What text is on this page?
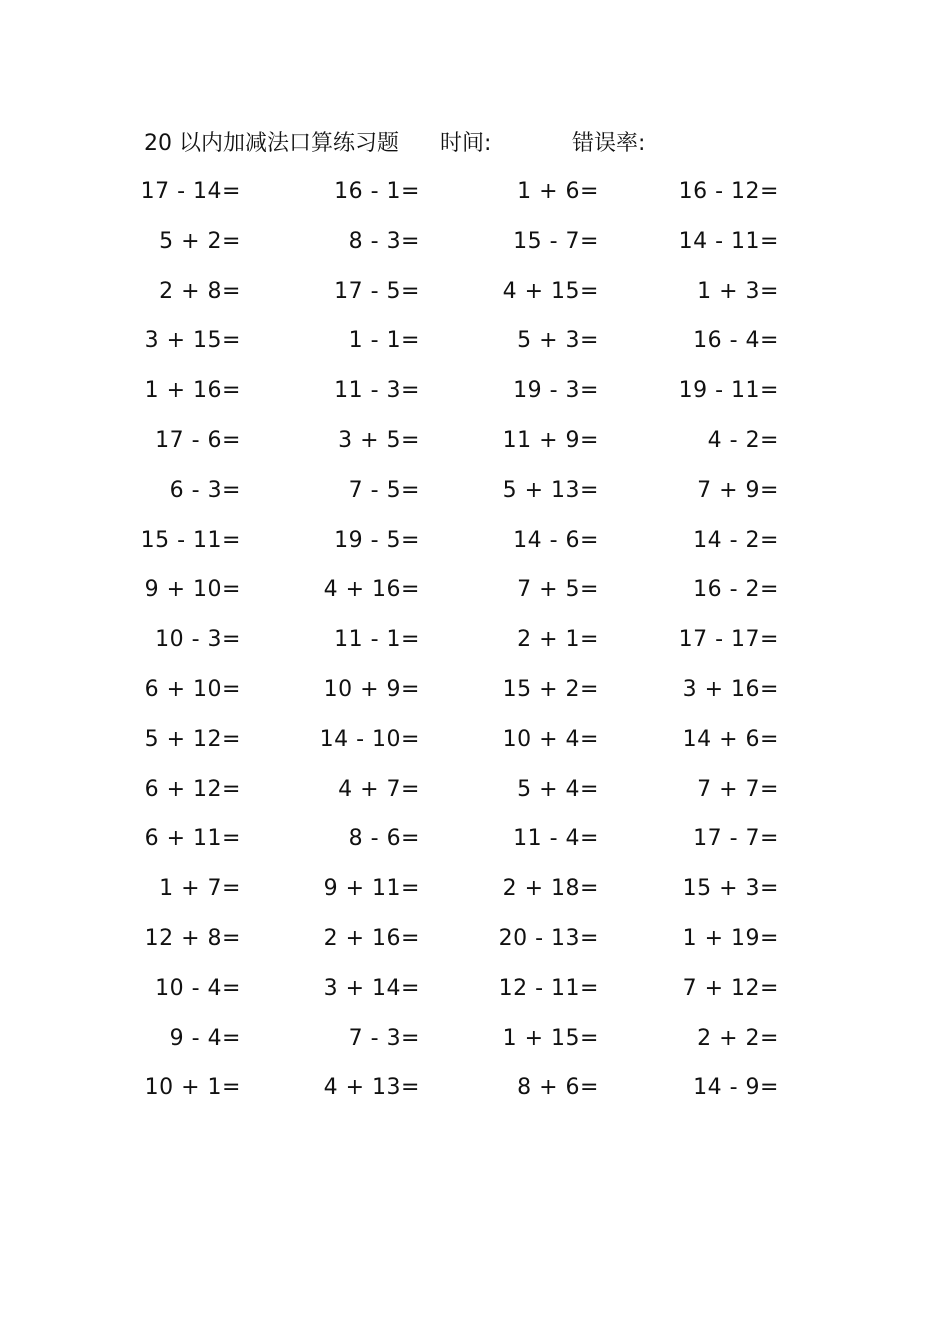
20 以内加减法口算练习题 时间:	错误率:
17 - 14=	16 - 1=	1 + 6=	16 - 12=
5 + 2=	8 - 3=	15 - 7=	14 - 11=
2 + 8=	17 - 5=	4 + 15=	1 + 3=
3 + 15=	1 - 1=	5 + 3=	16 - 4=
1 + 16=	11 - 3=	19 - 3=	19 - 11=
17 - 6=	3 + 5=	11 + 9=	4 - 2=
6 - 3=	7 - 5=	5 + 13=	7 + 9=
15 - 11=	19 - 5=	14 - 6=	14 - 2=
9 + 10=	4 + 16=	7 + 5=	16 - 2=
10 - 3=	11 - 1=	2 + 1=	17 - 17=
6 + 10=	10 + 9=	15 + 2=	3 + 16=
5 + 12=	14 - 10=	10 + 4=	14 + 6=
6 + 12=	4 + 7=	5 + 4=	7 + 7=
6 + 11=	8 - 6=	11 - 4=	17 - 7=
1 + 7=	9 + 11=	2 + 18=	15 + 3=
12 + 8=	2 + 16=	20 - 13=	1 + 19=
10 - 4=	3 + 14=	12 - 11=	7 + 12=
9 - 4=	7 - 3=	1 + 15=	2 + 2=
10 + 1=	4 + 13=	8 + 6=	14 - 9=
